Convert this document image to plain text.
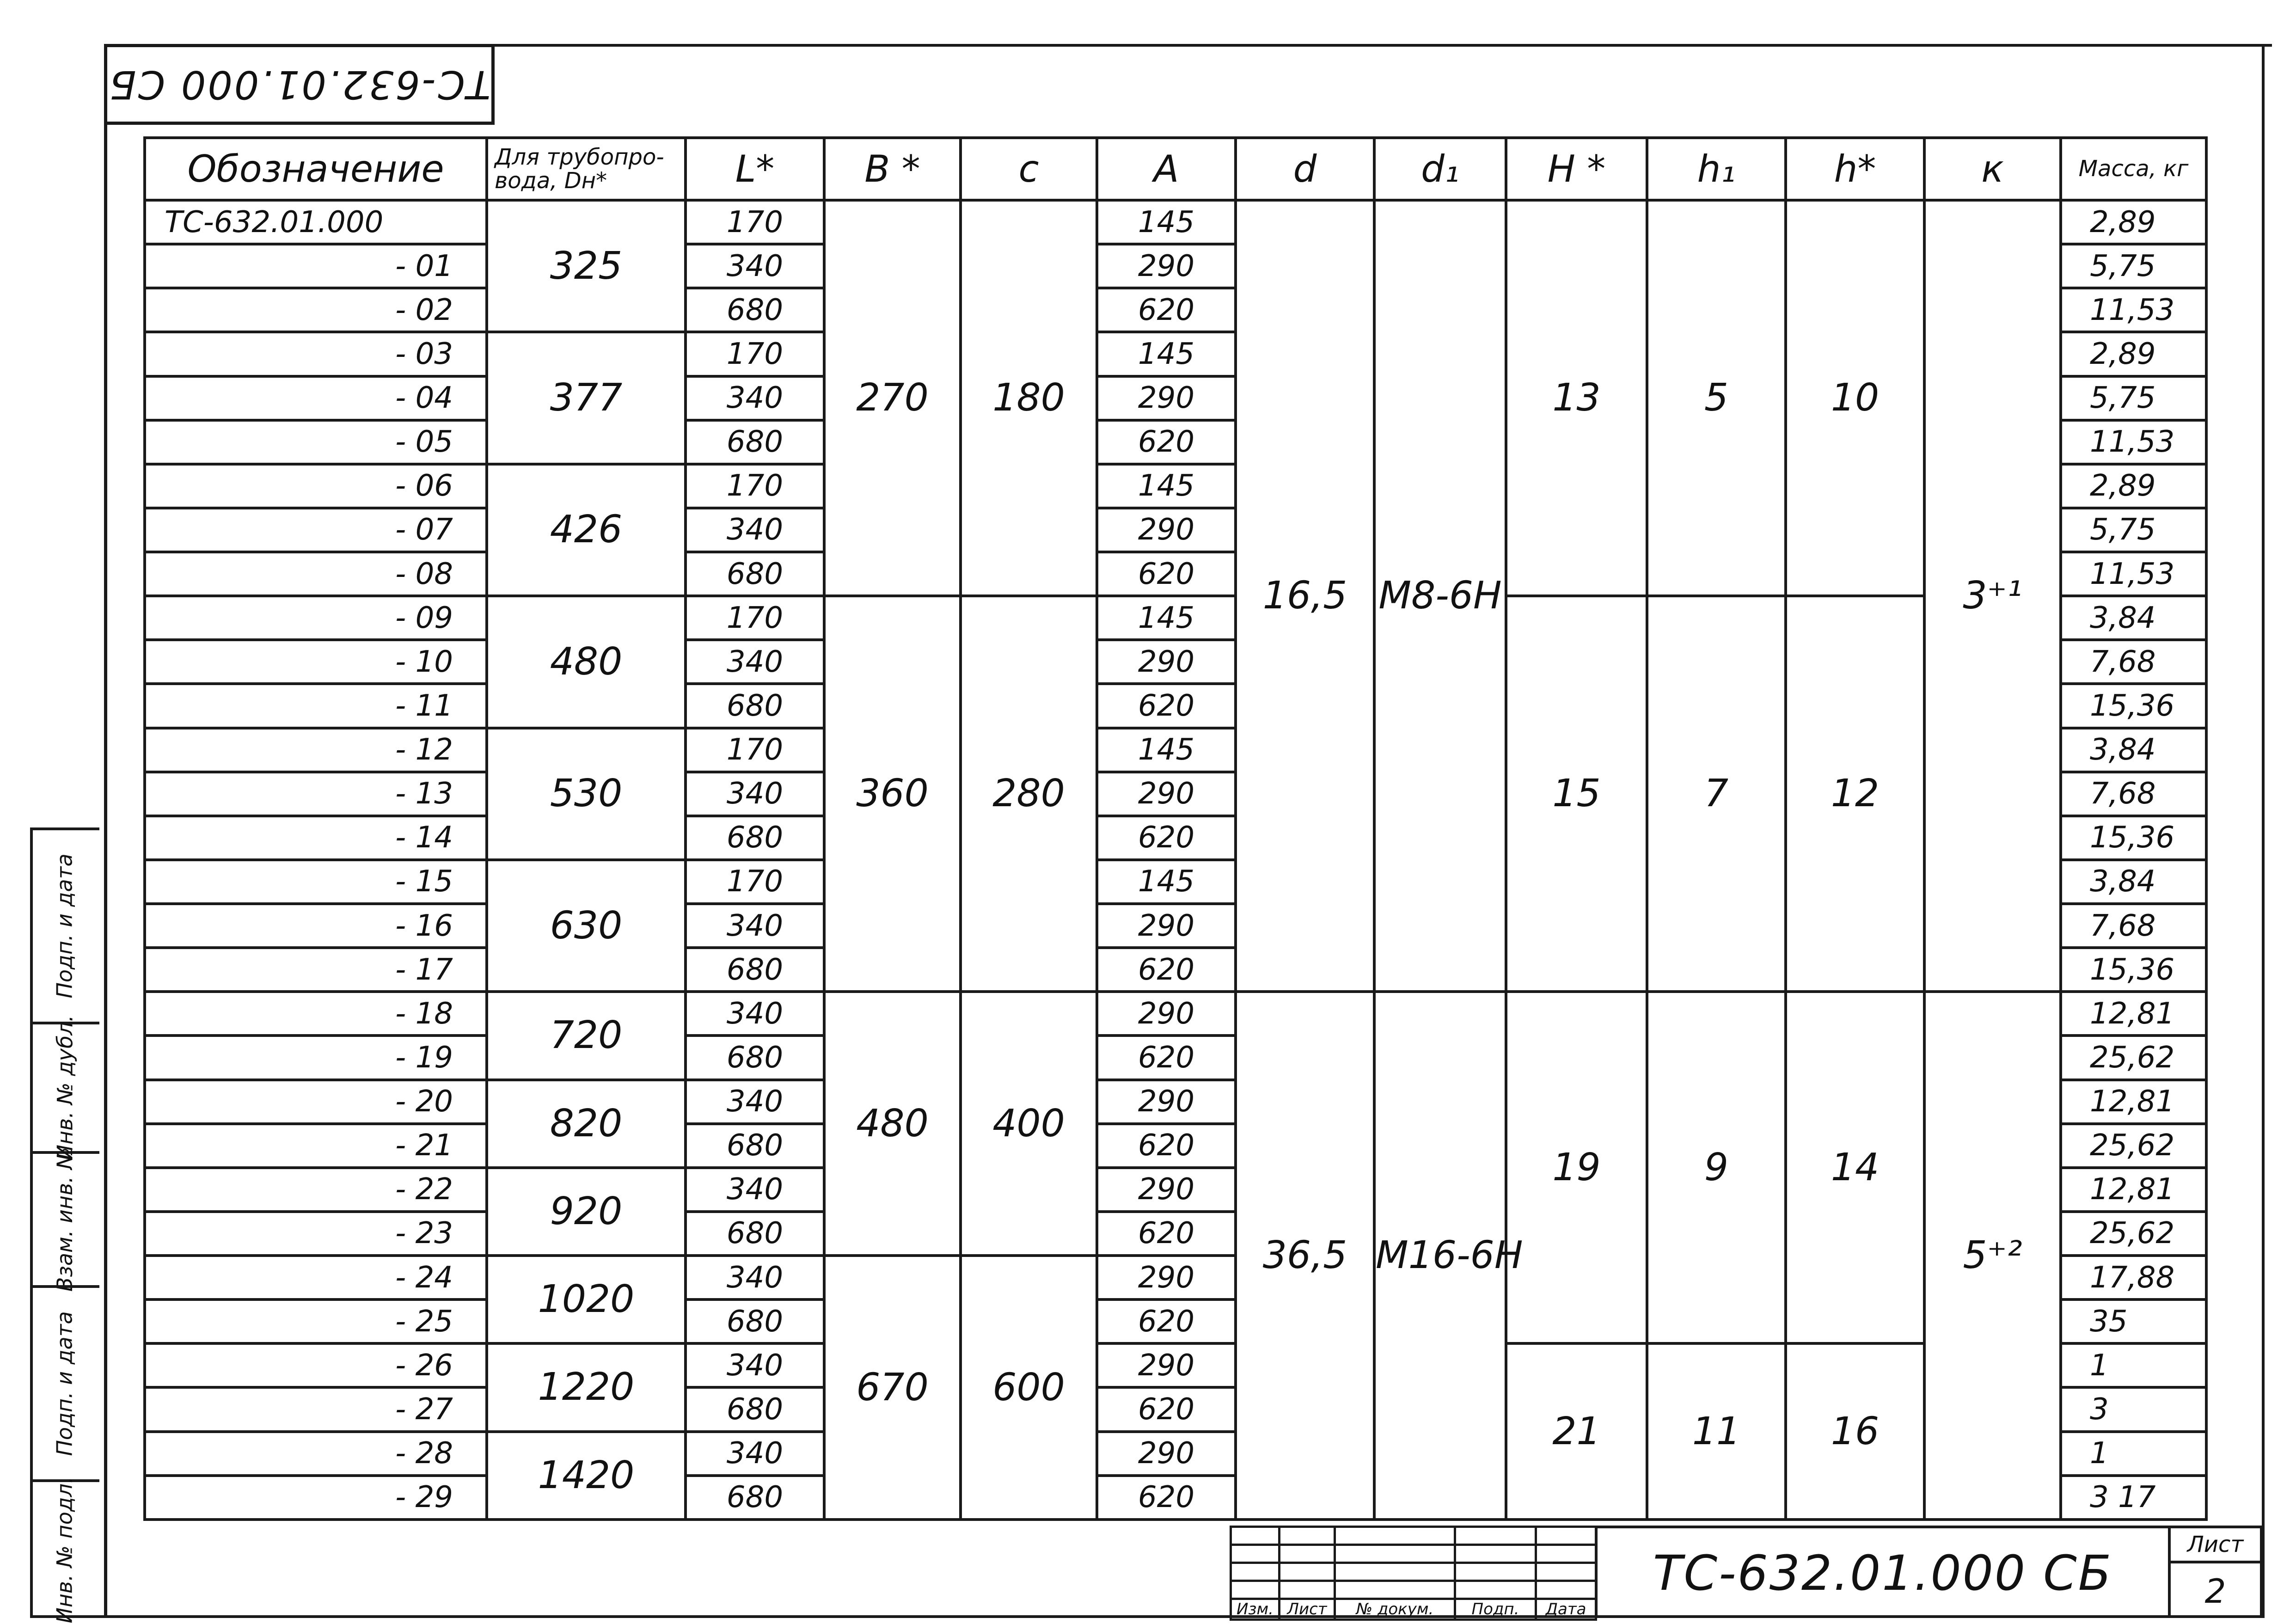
ТС-632.01.000 СБ
Обозначение	Для трубопро-вода, Dн*	L*	B *	c	A	d	d₁	H *	h₁	h*	к	Масса, кг
ТС-632.01.000	325	170	270	180	145	16,5	М8-6Н	13	5	10	3⁺¹	2,89
- 01		340			290							5,75
- 02		680			620							11,53
- 03	377	170			145							2,89
- 04		340			290							5,75
- 05		680			620							11,53
- 06	426	170			145							2,89
- 07		340			290							5,75
- 08		680			620							11,53
- 09	480	170	360	280	145			15	7	12		3,84
- 10		340			290							7,68
- 11		680			620							15,36
- 12	530	170			145							3,84
- 13		340			290							7,68
- 14		680			620							15,36
- 15	630	170			145							3,84
- 16		340			290							7,68
- 17		680			620							15,36
- 18	720	340	480	400	290	36,5	М16-6Н	19	9	14	5⁺²	12,81
- 19		680			620							25,62
- 20	820	340			290							12,81
- 21		680			620							25,62
- 22	920	340			290							12,81
- 23		680			620							25,62
- 24	1020	340	670	600	290							17,88
- 25		680			620							35
- 26	1220	340			290			21	11	16		1
- 27		680			620							3
- 28	1420	340			290							1
- 29		680			620							3 17
Подп. и дата
Инв. № дубл.
Взам. инв. №
Подп. и дата
Инв. № подл.

					Изм.	Лист	№ докум.	Подп.	Дата
ТС-632.01.000 СБ
Лист
2
